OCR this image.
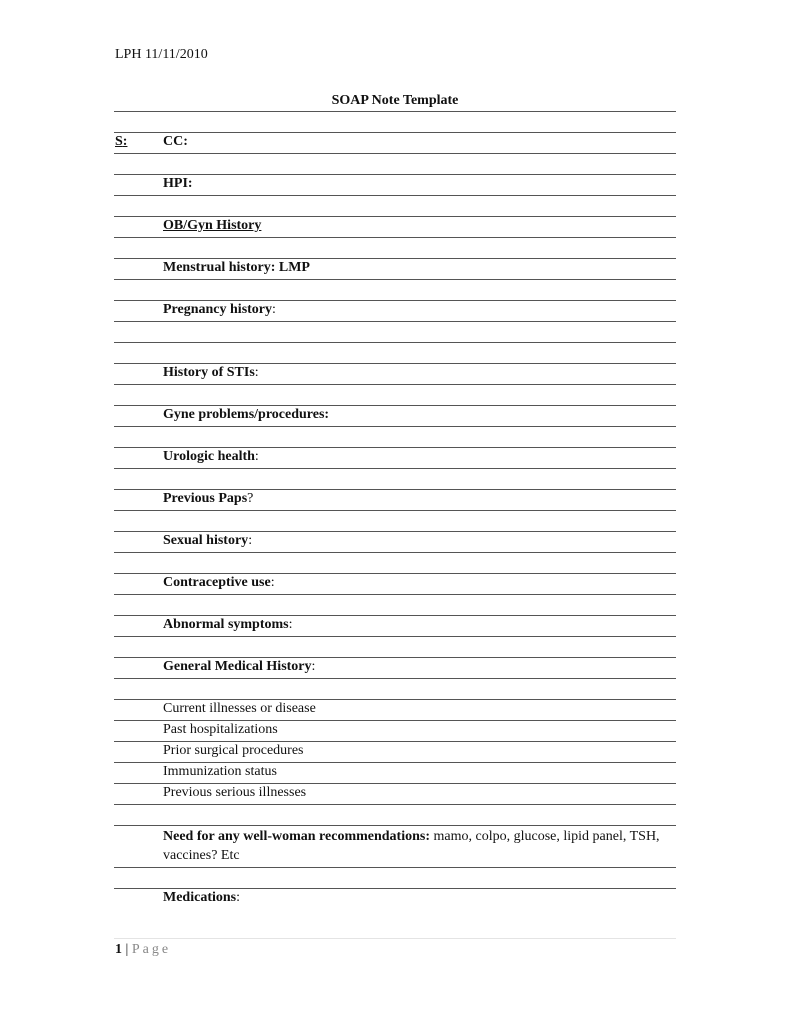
LPH 11/11/2010
SOAP Note Template
S:	CC:
HPI:
OB/Gyn History
Menstrual history: LMP
Pregnancy history:
History of STIs:
Gyne problems/procedures:
Urologic health:
Previous Paps?
Sexual history:
Contraceptive use:
Abnormal symptoms:
General Medical History:
Current illnesses or disease
Past hospitalizations
Prior surgical procedures
Immunization status
Previous serious illnesses
Need for any well-woman recommendations: mamo, colpo, glucose, lipid panel, TSH, vaccines? Etc
Medications:
1 | Page
